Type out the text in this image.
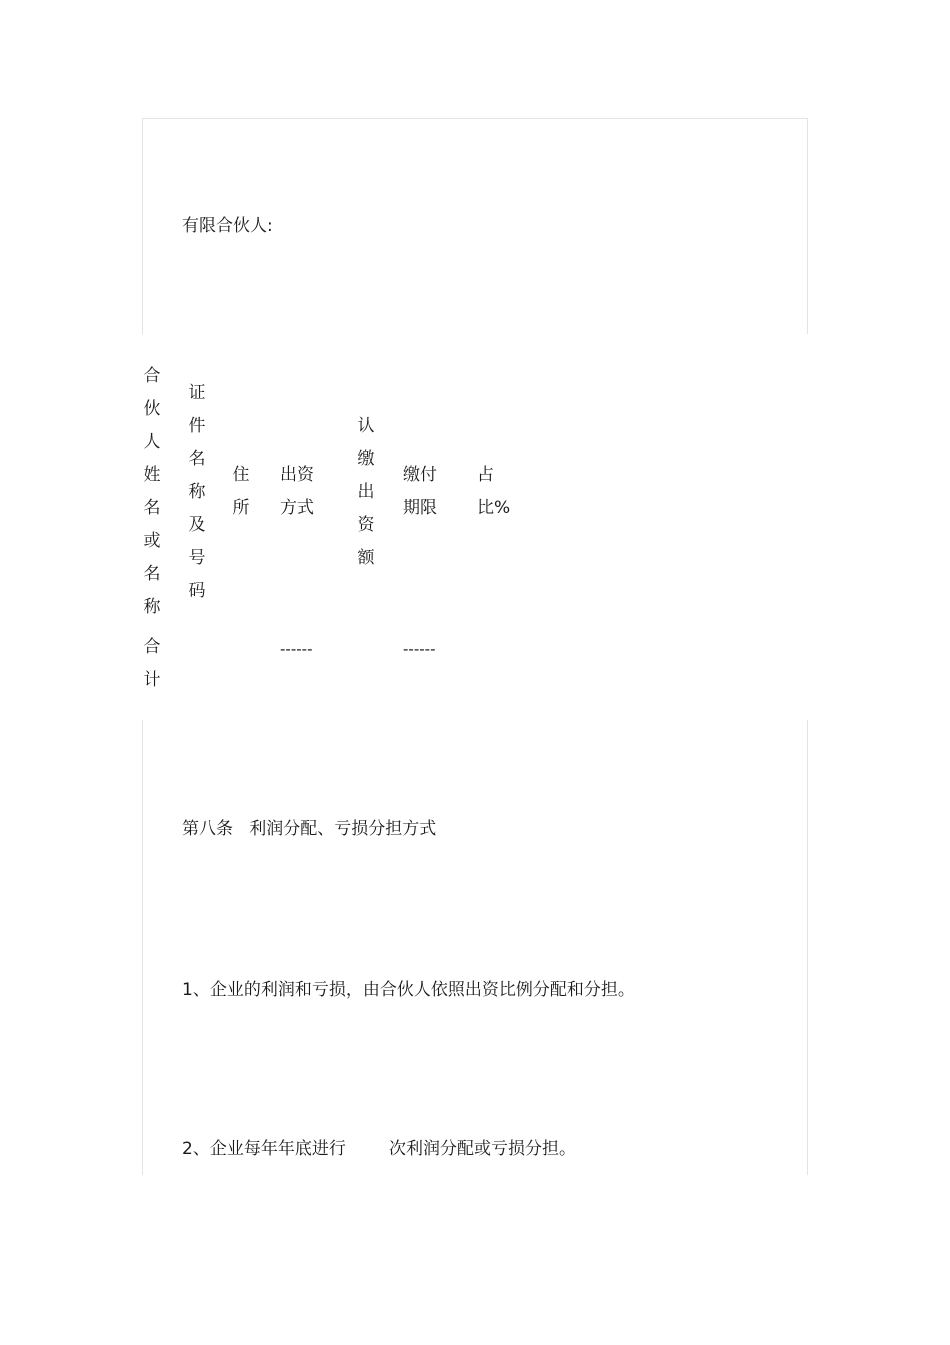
有限合伙人:
合
伙
人
姓
名
或
名
称
证
件
名
称
及
号
码
住
所
出资
方式
认
缴
出
资
额
缴付
期限
占
比%
合
计
------	------
第八条   利润分配、亏损分担方式
1、企业的利润和亏损，由合伙人依照出资比例分配和分担。
2、企业每年年底进行	次利润分配或亏损分担。
